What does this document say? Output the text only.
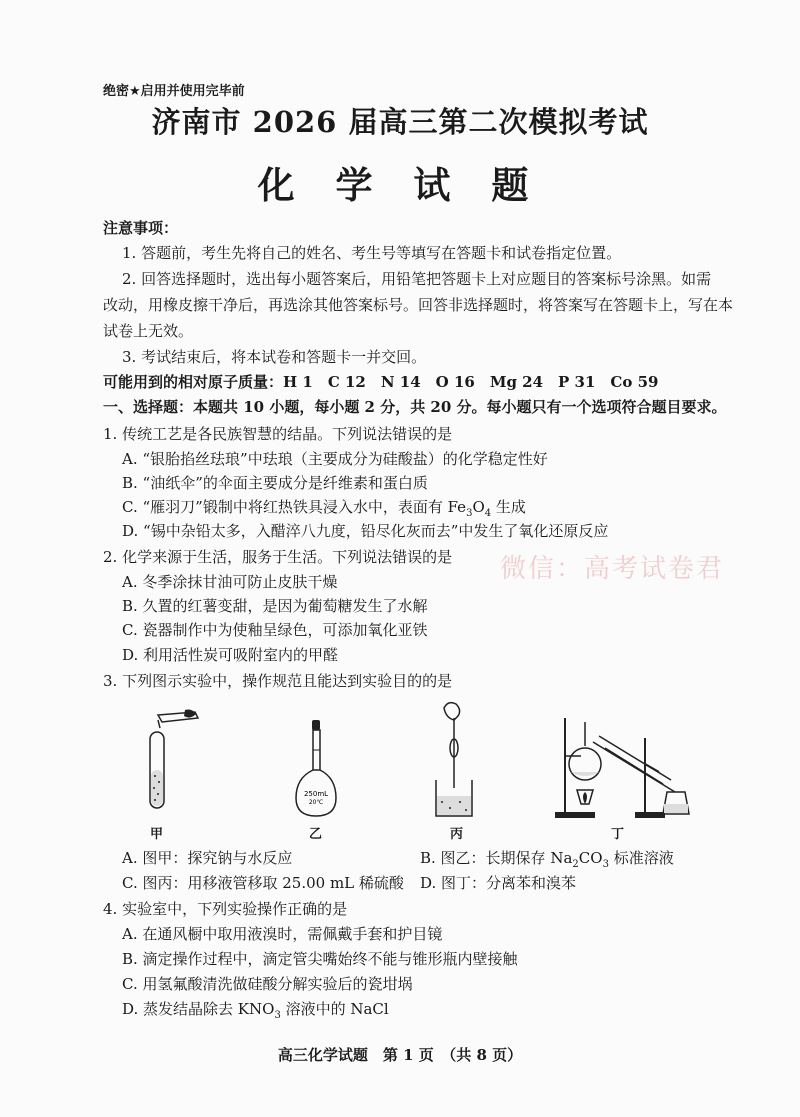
绝密★启用并使用完毕前
济南市 2026 届高三第二次模拟考试
化 学 试 题
注意事项：
1. 答题前，考生先将自己的姓名、考生号等填写在答题卡和试卷指定位置。
2. 回答选择题时，选出每小题答案后，用铅笔把答题卡上对应题目的答案标号涂黑。如需
改动，用橡皮擦干净后，再选涂其他答案标号。回答非选择题时，将答案写在答题卡上，写在本
试卷上无效。
3. 考试结束后，将本试卷和答题卡一并交回。
可能用到的相对原子质量：H 1　C 12　N 14　O 16　Mg 24　P 31　Co 59
一、选择题：本题共 10 小题，每小题 2 分，共 20 分。每小题只有一个选项符合题目要求。
1. 传统工艺是各民族智慧的结晶。下列说法错误的是
A. “银胎掐丝珐琅”中珐琅（主要成分为硅酸盐）的化学稳定性好
B. “油纸伞”的伞面主要成分是纤维素和蛋白质
C. “雁羽刀”锻制中将红热铁具浸入水中，表面有 $Fe_3O_4$ 生成
D. “锡中杂铅太多，入醋淬八九度，铅尽化灰而去”中发生了氧化还原反应
微信：高考试卷君
2. 化学来源于生活，服务于生活。下列说法错误的是
A. 冬季涂抹甘油可防止皮肤干燥
B. 久置的红薯变甜，是因为葡萄糖发生了水解
C. 瓷器制作中为使釉呈绿色，可添加氧化亚铁
D. 利用活性炭可吸附室内的甲醛
3. 下列图示实验中，操作规范且能达到实验目的的是
甲
250mL
20℃
乙	丙	丁
A. 图甲：探究钠与水反应	B. 图乙：长期保存 $Na_2CO_3$ 标准溶液
C. 图丙：用移液管移取 25.00 mL 稀硫酸 D. 图丁：分离苯和溴苯
4. 实验室中，下列实验操作正确的是
A. 在通风橱中取用液溴时，需佩戴手套和护目镜
B. 滴定操作过程中，滴定管尖嘴始终不能与锥形瓶内壁接触
C. 用氢氟酸清洗做硅酸分解实验后的瓷坩埚
D. 蒸发结晶除去 $KNO_3$ 溶液中的 NaCl
高三化学试题　第 1 页　（共 8 页）
